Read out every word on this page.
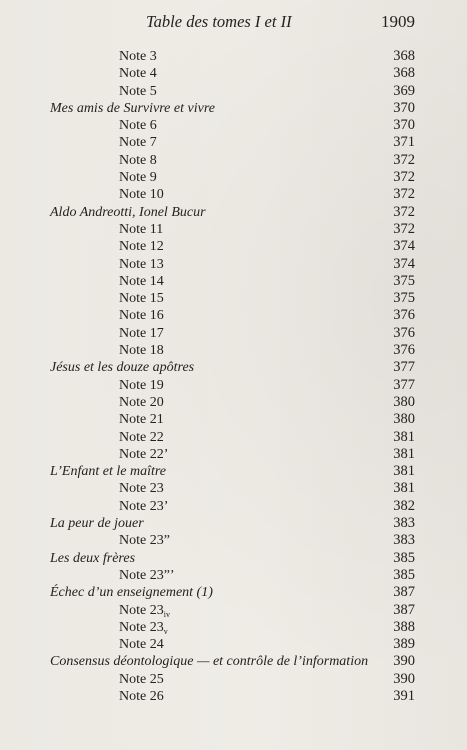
Table des tomes I et II	1909
Note 3	368
Note 4	368
Note 5	369
Mes amis de Survivre et vivre	370
Note 6	370
Note 7	371
Note 8	372
Note 9	372
Note 10	372
Aldo Andreotti, Ionel Bucur	372
Note 11	372
Note 12	374
Note 13	374
Note 14	375
Note 15	375
Note 16	376
Note 17	376
Note 18	376
Jésus et les douze apôtres	377
Note 19	377
Note 20	380
Note 21	380
Note 22	381
Note 22’	381
L’Enfant et le maître	381
Note 23	381
Note 23’	382
La peur de jouer	383
Note 23”	383
Les deux frères	385
Note 23”’	385
Échec d’un enseignement (1)	387
Note $23_{iv}$	387
Note $23_v$	388
Note 24	389
Consensus déontologique — et contrôle de l’information	390
Note 25	390
Note 26	391
